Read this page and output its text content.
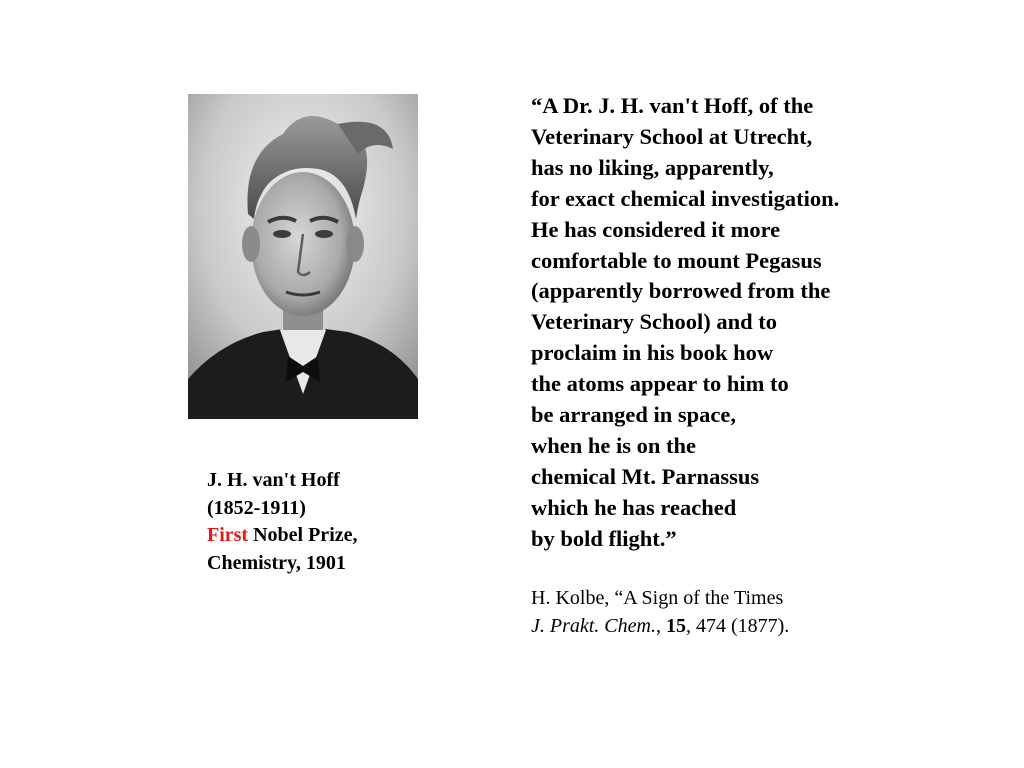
J. H. van't Hoff
(1852-1911)
First Nobel Prize,
Chemistry, 1901
“A Dr. J. H. van't Hoff, of the
Veterinary School at Utrecht,
has no liking, apparently,
for exact chemical investigation.
He has considered it more
comfortable to mount Pegasus
(apparently borrowed from the
Veterinary School) and to
proclaim in his book how
the atoms appear to him to
be arranged in space,
when he is on the
chemical Mt. Parnassus
which he has reached
by bold flight.”
H. Kolbe, “A Sign of the Times
J. Prakt. Chem., 15, 474 (1877).
